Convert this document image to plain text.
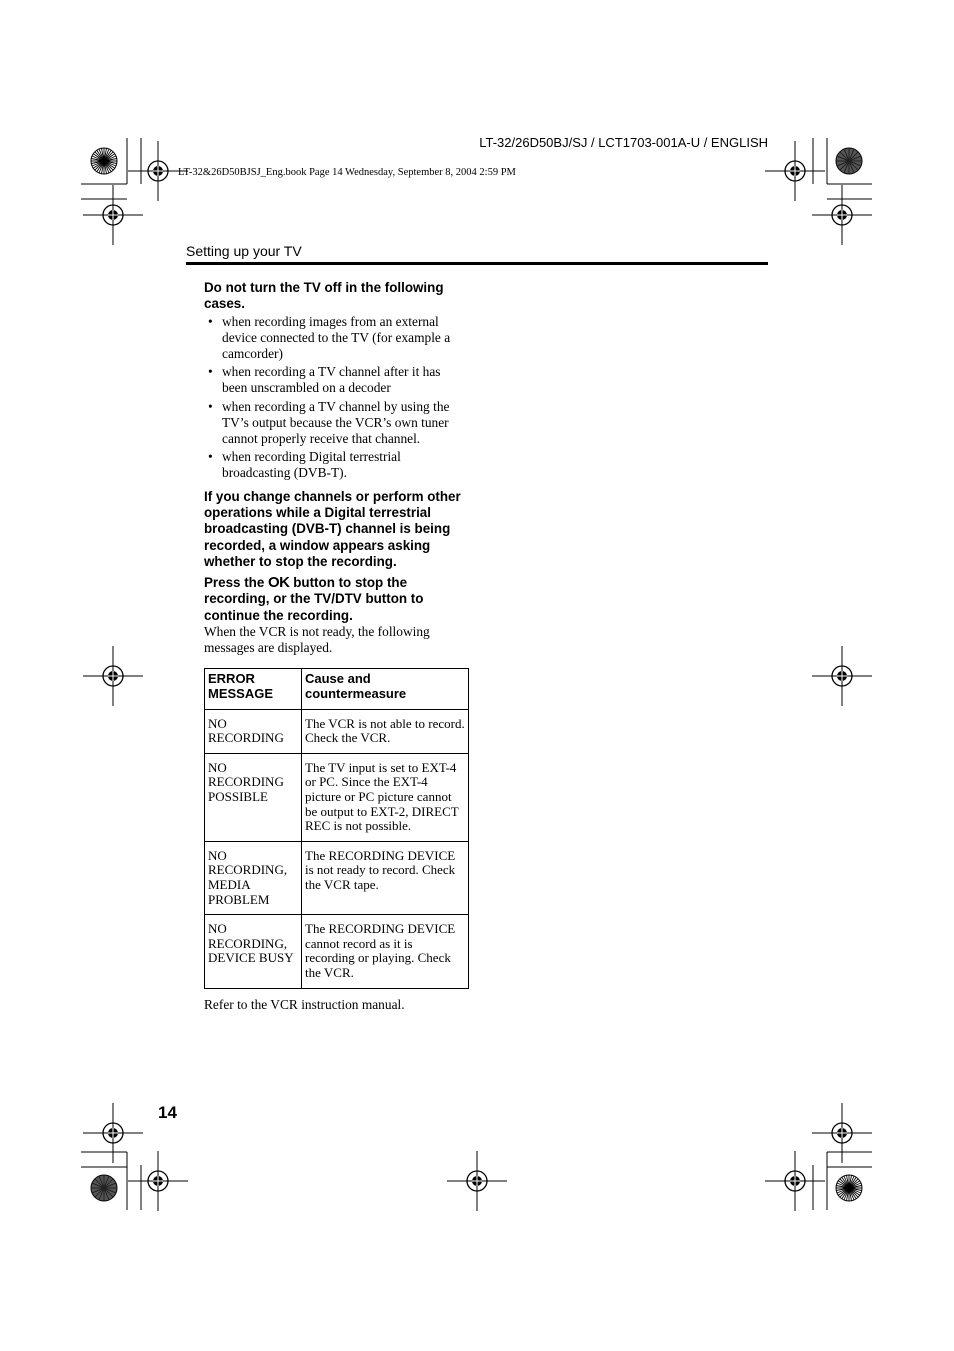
LT-32/26D50BJ/SJ / LCT1703-001A-U / ENGLISH
LT-32&26D50BJSJ_Eng.book Page 14 Wednesday, September 8, 2004 2:59 PM
Setting up your TV

Do not turn the TV off in the following cases.

• when recording images from an external device connected to the TV (for example a camcorder)
• when recording a TV channel after it has been unscrambled on a decoder
• when recording a TV channel by using the TV’s output because the VCR’s own tuner cannot properly receive that channel.
• when recording Digital terrestrial broadcasting (DVB-T).

If you change channels or perform other operations while a Digital terrestrial broadcasting (DVB-T) channel is being recorded, a window appears asking whether to stop the recording.

Press the OK button to stop the recording, or the TV/DTV button to continue the recording.

When the VCR is not ready, the following messages are displayed.

ERROR MESSAGE	Cause and countermeasure
NO RECORDING	The VCR is not able to record.
Check the VCR.
NO RECORDING POSSIBLE	The TV input is set to EXT-4 or PC. Since the EXT-4 picture or PC picture cannot be output to EXT-2, DIRECT REC is not possible.
NO RECORDING, MEDIA PROBLEM	The RECORDING DEVICE is not ready to record. Check the VCR tape.
NO RECORDING, DEVICE BUSY	The RECORDING DEVICE cannot record as it is recording or playing. Check the VCR.

Refer to the VCR instruction manual.

14
